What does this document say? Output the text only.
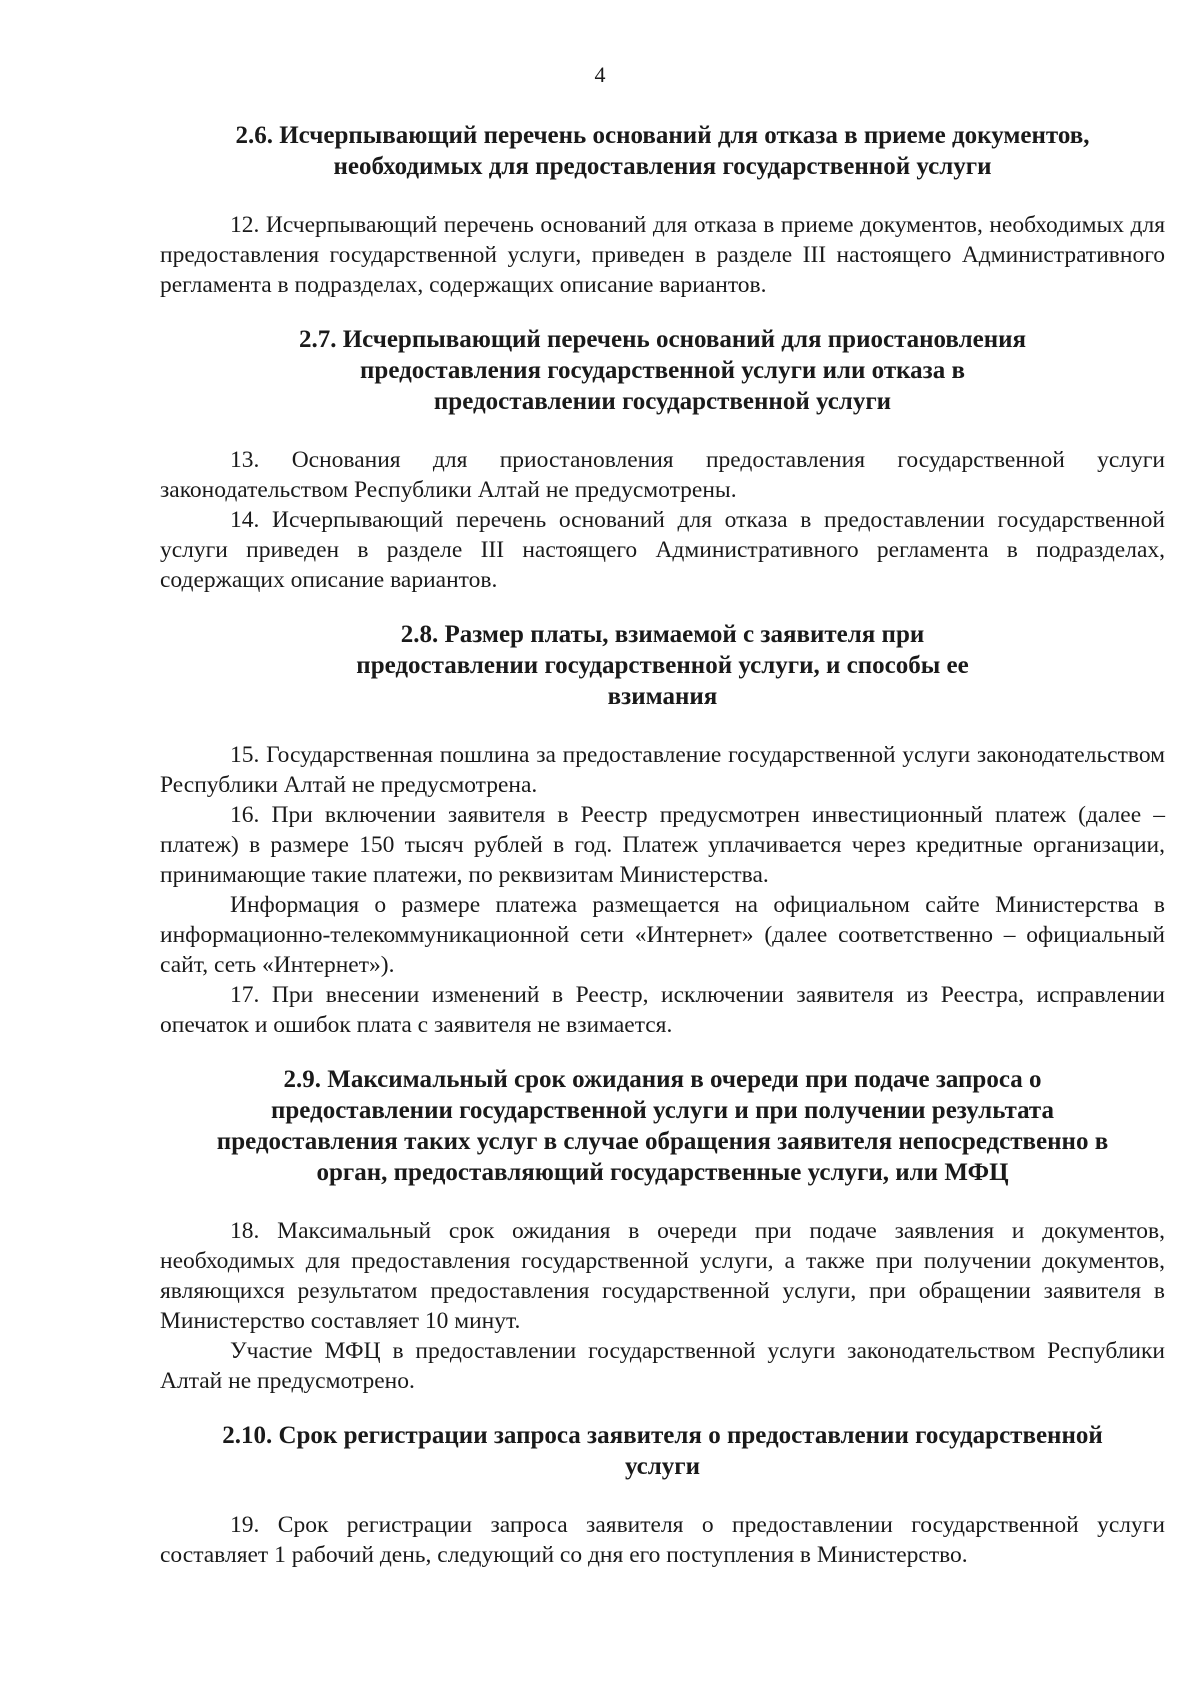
4

2.6. Исчерпывающий перечень оснований для отказа в приеме документов, необходимых для предоставления государственной услуги

12. Исчерпывающий перечень оснований для отказа в приеме документов, необходимых для предоставления государственной услуги, приведен в разделе III настоящего Административного регламента в подразделах, содержащих описание вариантов.

2.7. Исчерпывающий перечень оснований для приостановления предоставления государственной услуги или отказа в предоставлении государственной услуги

13. Основания для приостановления предоставления государственной услуги законодательством Республики Алтай не предусмотрены.

14. Исчерпывающий перечень оснований для отказа в предоставлении государственной услуги приведен в разделе III настоящего Административного регламента в подразделах, содержащих описание вариантов.

2.8. Размер платы, взимаемой с заявителя при предоставлении государственной услуги, и способы ее взимания

15. Государственная пошлина за предоставление государственной услуги законодательством Республики Алтай не предусмотрена.

16. При включении заявителя в Реестр предусмотрен инвестиционный платеж (далее – платеж) в размере 150 тысяч рублей в год. Платеж уплачивается через кредитные организации, принимающие такие платежи, по реквизитам Министерства.

Информация о размере платежа размещается на официальном сайте Министерства в информационно-телекоммуникационной сети «Интернет» (далее соответственно – официальный сайт, сеть «Интернет»).

17. При внесении изменений в Реестр, исключении заявителя из Реестра, исправлении опечаток и ошибок плата с заявителя не взимается.

2.9. Максимальный срок ожидания в очереди при подаче запроса о предоставлении государственной услуги и при получении результата предоставления таких услуг в случае обращения заявителя непосредственно в орган, предоставляющий государственные услуги, или МФЦ

18. Максимальный срок ожидания в очереди при подаче заявления и документов, необходимых для предоставления государственной услуги, а также при получении документов, являющихся результатом предоставления государственной услуги, при обращении заявителя в Министерство составляет 10 минут.

Участие МФЦ в предоставлении государственной услуги законодательством Республики Алтай не предусмотрено.

2.10. Срок регистрации запроса заявителя о предоставлении государственной услуги

19. Срок регистрации запроса заявителя о предоставлении государственной услуги составляет 1 рабочий день, следующий со дня его поступления в Министерство.
